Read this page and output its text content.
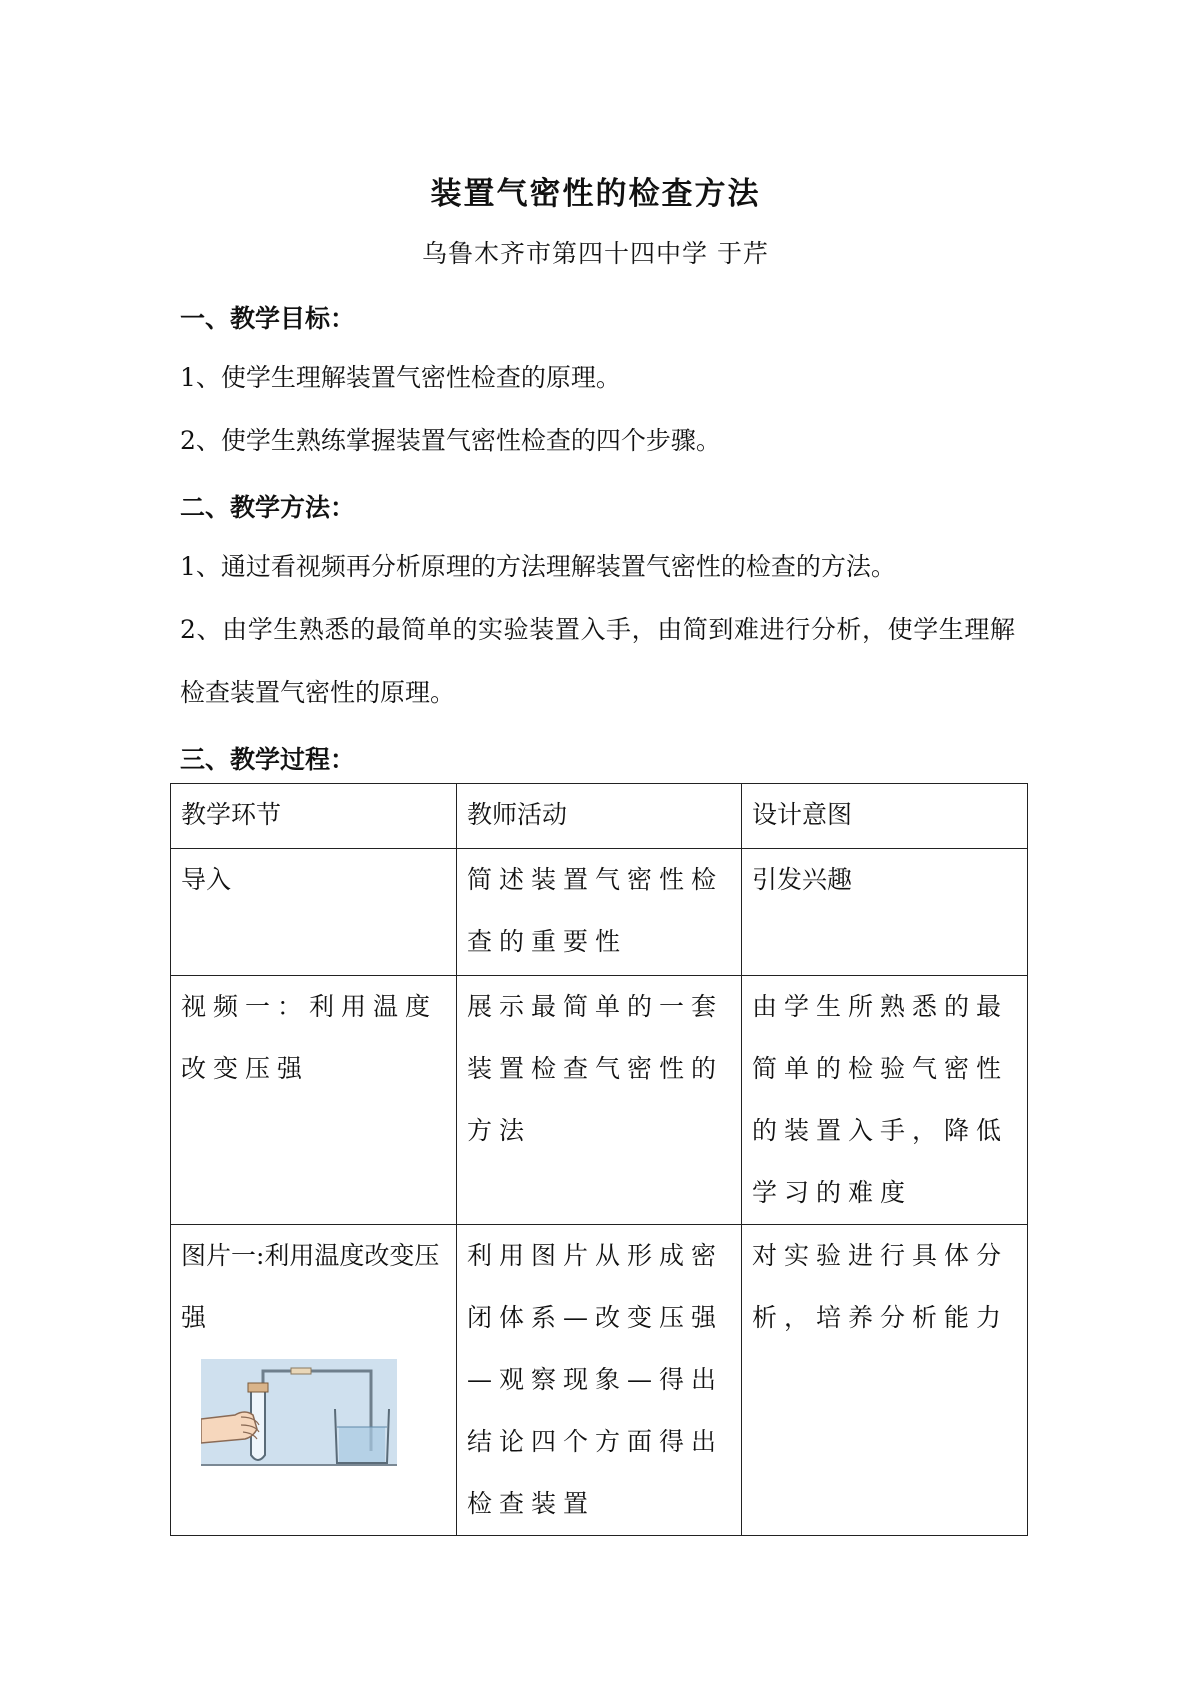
装置气密性的检查方法
乌鲁木齐市第四十四中学 于芹
一、教学目标：
1、使学生理解装置气密性检查的原理。
2、使学生熟练掌握装置气密性检查的四个步骤。
二、教学方法：
1、通过看视频再分析原理的方法理解装置气密性的检查的方法。
2、由学生熟悉的最简单的实验装置入手，由简到难进行分析，使学生理解检查装置气密性的原理。
三、教学过程：
教学环节	教师活动	设计意图

导入	简述装置气密性检查的重要性	引发兴趣

视频一：利用温度改变压强	展示最简单的一套装置检查气密性的方法	由学生所熟悉的最简单的检验气密性的装置入手，降低学习的难度

图片一:利用温度改变压强	利用图片从形成密闭体系—改变压强—观察现象—得出结论四个方面得出检查装置	对实验进行具体分析，培养分析能力
